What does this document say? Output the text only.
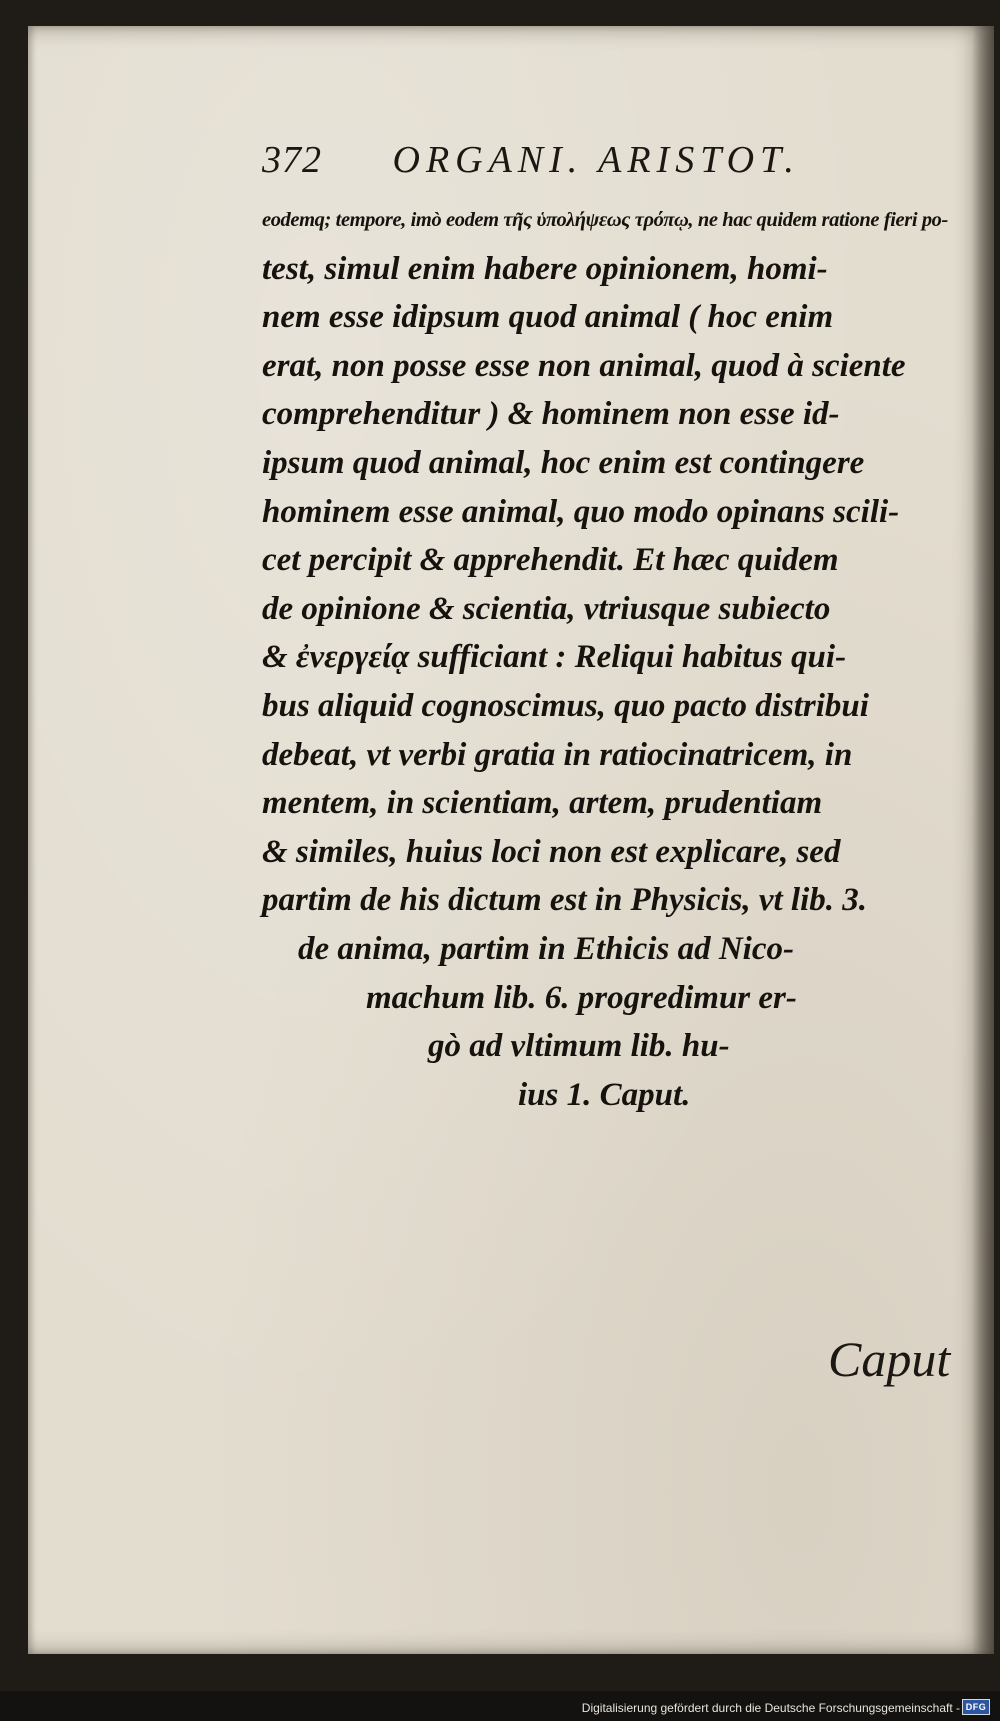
372 ORGANI. ARISTOT.
eodemq; tempore, imò eodem τῆς ὑπολήψεως τρόπῳ, ne hac quidem ratione fieri po-
test, simul enim habere opinionem, homi-
nem esse idipsum quod animal ( hoc enim
erat, non posse esse non animal, quod à sciente
comprehenditur ) & hominem non esse id-
ipsum quod animal, hoc enim est contingere
hominem esse animal, quo modo opinans scili-
cet percipit & apprehendit. Et hæc quidem
de opinione & scientia, vtriusque subiecto
& ἐνεργείᾳ sufficiant : Reliqui habitus qui-
bus aliquid cognoscimus, quo pacto distribui
debeat, vt verbi gratia in ratiocinatricem, in
mentem, in scientiam, artem, prudentiam
& similes, huius loci non est explicare, sed
partim de his dictum est in Physicis, vt lib. 3.
de anima, partim in Ethicis ad Nico-
machum lib. 6. progredimur er-
gò ad vltimum lib. hu-
ius 1. Caput.
Caput
Digitalisierung gefördert durch die Deutsche Forschungsgemeinschaft - DFG
